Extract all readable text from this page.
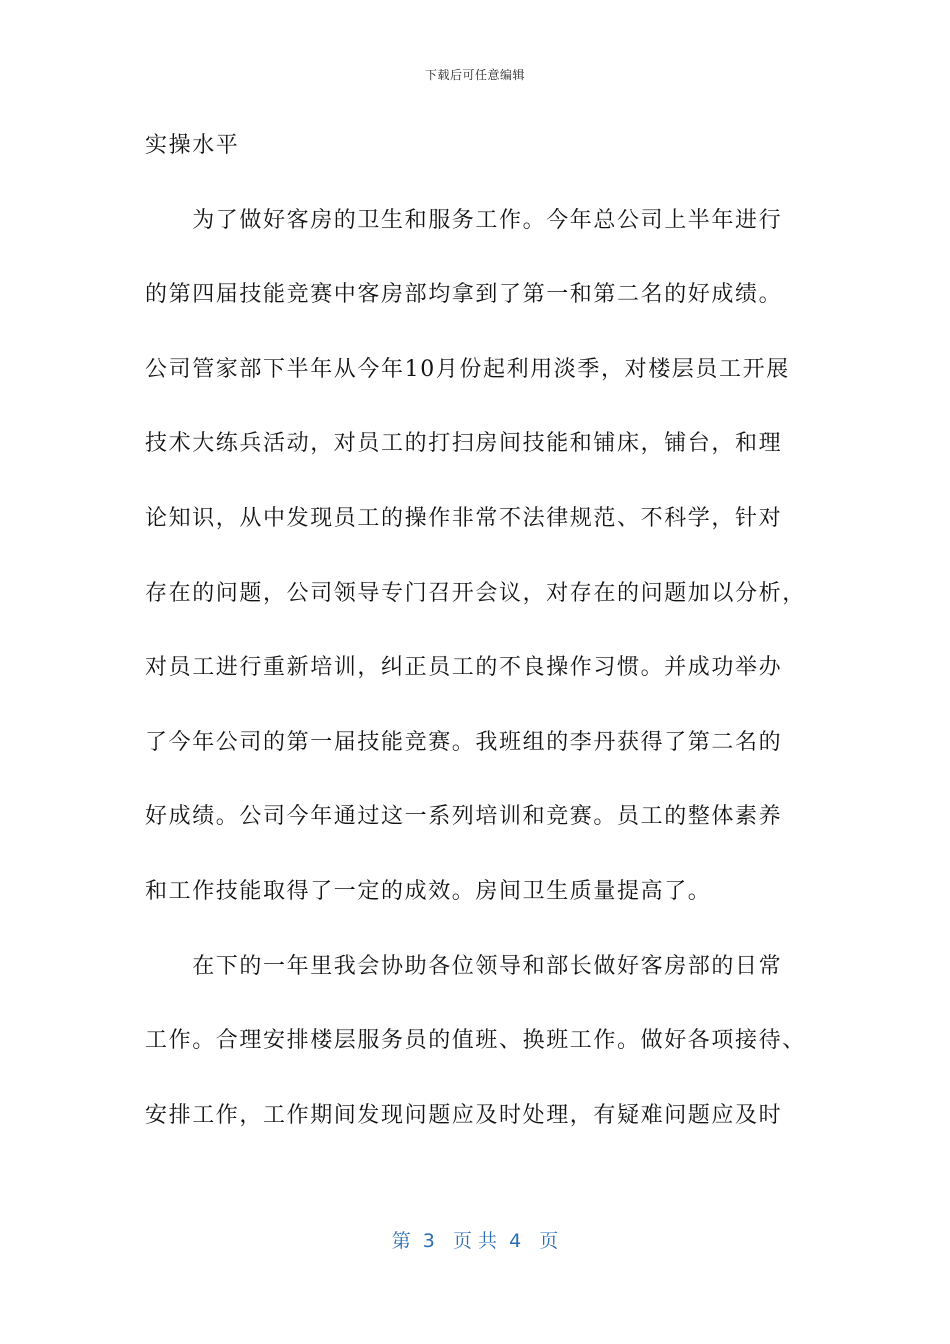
下载后可任意编辑
实操水平
　　为了做好客房的卫生和服务工作。今年总公司上半年进行
的第四届技能竞赛中客房部均拿到了第一和第二名的好成绩。
公司管家部下半年从今年10月份起利用淡季，对楼层员工开展
技术大练兵活动，对员工的打扫房间技能和铺床，铺台，和理
论知识，从中发现员工的操作非常不法律规范、不科学，针对
存在的问题，公司领导专门召开会议，对存在的问题加以分析，
对员工进行重新培训，纠正员工的不良操作习惯。并成功举办
了今年公司的第一届技能竞赛。我班组的李丹获得了第二名的
好成绩。公司今年通过这一系列培训和竞赛。员工的整体素养
和工作技能取得了一定的成效。房间卫生质量提高了。
　　在下的一年里我会协助各位领导和部长做好客房部的日常
工作。合理安排楼层服务员的值班、换班工作。做好各项接待、
安排工作，工作期间发现问题应及时处理，有疑难问题应及时
第  3   页 共  4   页
